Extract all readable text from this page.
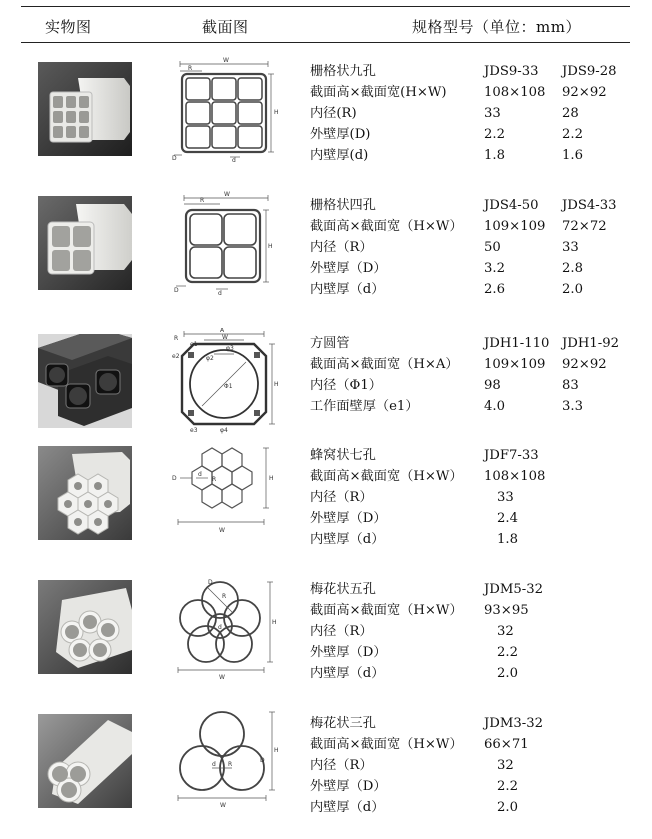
实物图	截面图	规格型号（单位：mm）
W
R
H
D	d
栅格状九孔	JDS9-33 JDS9-28
截面高×截面宽(H×W)	108×108 92×92
内径(R)	33	28
外壁厚(D)	2.2	2.2
内壁厚(d)	1.8	1.6
W
R
H
D	d
栅格状四孔	JDS4-50 JDS4-33
截面高×截面宽（H×W） 109×109 72×72
内径（R）	50	33
外壁厚（D）	3.2	2.8
内壁厚（d）	2.6	2.0
A
W
R
H
Φ1
φ2
φ3
φ4
e1
e2
e3
方圆管	JDH1-110 JDH1-92
截面高×截面宽（H×A） 109×109 92×92
内径（Φ1）	98	83
工作面壁厚（e1）	4.0	3.3
W
R	H
D
d
蜂窝状七孔	JDF7-33
截面高×截面宽（H×W） 108×108
内径（R）	33
外壁厚（D）	2.4
内壁厚（d）	1.8
W
R
H
D
d
梅花状五孔	JDM5-32
截面高×截面宽（H×W） 93×95
内径（R）	32
外壁厚（D）	2.2
内壁厚（d）	2.0
W
R
H
D
d
梅花状三孔	JDM3-32
截面高×截面宽（H×W） 66×71
内径（R）	32
外壁厚（D）	2.2
内壁厚（d）	2.0
